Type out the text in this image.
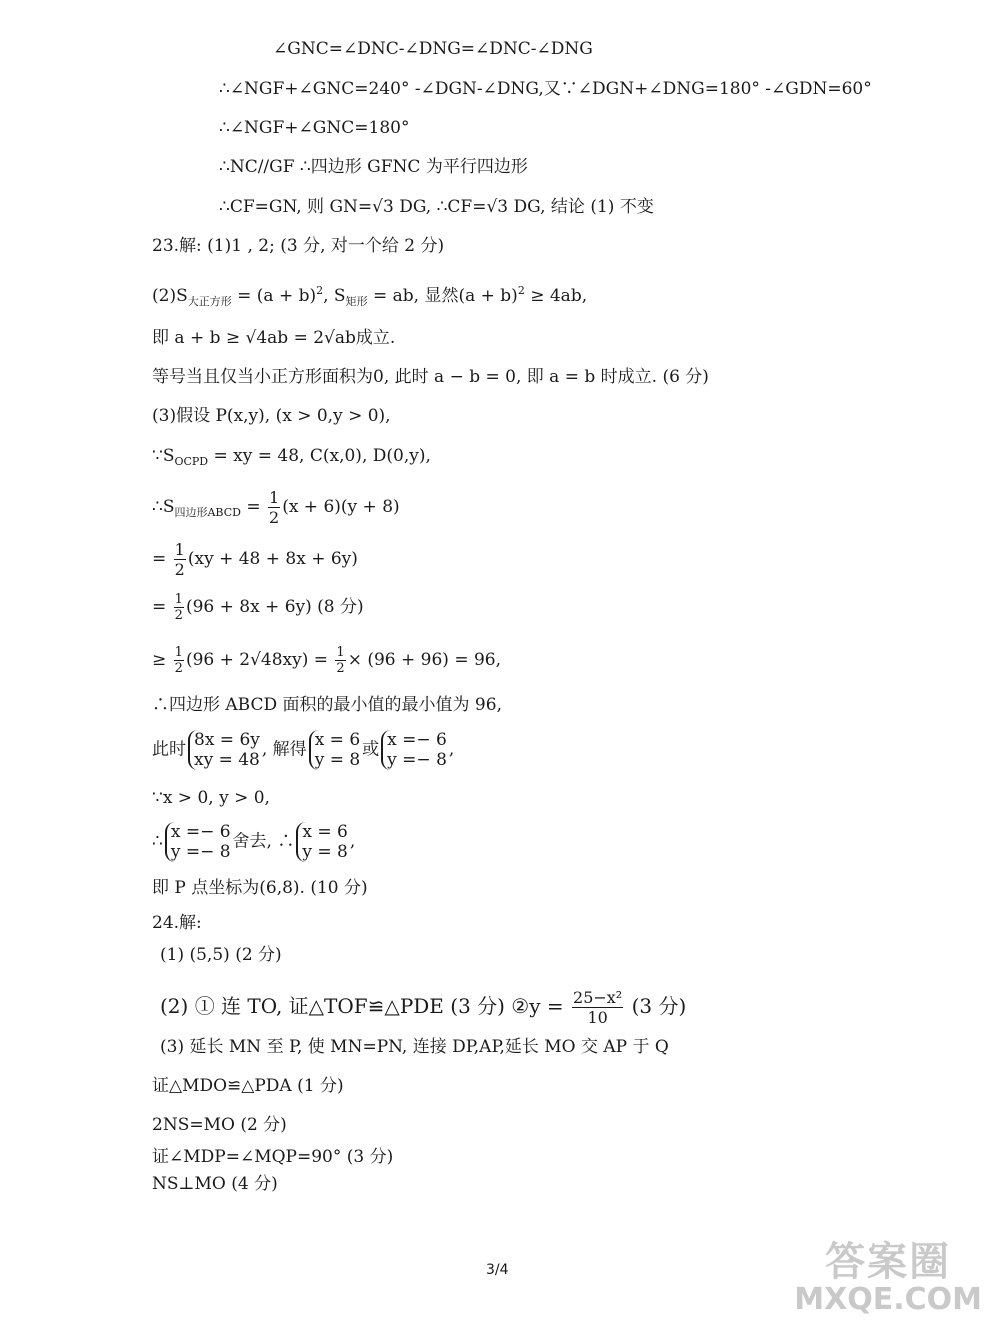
∠GNC=∠DNC-∠DNG=∠DNC-∠DNG
∴∠NGF+∠GNC=240° -∠DGN-∠DNG,又∵∠DGN+∠DNG=180° -∠GDN=60°
∴∠NGF+∠GNC=180°
∴NC//GF ∴四边形 GFNC 为平行四边形
∴CF=GN, 则 GN=√3 DG, ∴CF=√3 DG, 结论 (1) 不变
23.解: (1)1 , 2; (3 分, 对一个给 2 分)
$(2)S_{大正方形} = (a + b)^2$, $S_{矩形}$ = ab, 显然$(a + b)^2 \ge 4ab$,
即 a + b ≥ √4ab = 2√ab成立.
等号当且仅当小正方形面积为0, 此时 a − b = 0, 即 a = b 时成立. (6 分)
(3)假设 P(x,y), (x > 0,y > 0),
$\because S_{OCPD}$ = xy = 48, C(x,0), D(0,y),
$\therefore S_{四边形ABCD} = \frac{1}{2} (x + 6)(y + 8)$
= $\frac{1}{2} (xy + 48 + 8x + 6y)$
= $\frac{1}{2} (96 + 8x + 6y)$ (8 分)
≥ $\frac{1}{2} (96 + 2√48xy) = \frac{1}{2} \times (96 + 96) = 96$,
∴四边形 ABCD 面积的最小值的最小值为 96,
此时 8x = 6y
xy = 48
, 解得 x = 6
y = 8
或 x =− 6
y =− 8
,
∵x > 0, y > 0,
∴ x =− 6
y =− 8
舍去, ∴ x = 6
y = 8
,
即 P 点坐标为(6,8). (10 分)
24.解:
(1) (5,5) (2 分)
(2) ① 连 TO, 证△TOF≌△PDE (3 分) ②y = $\frac{\text{25−x²}}{10} (3$ 分)
(3) 延长 MN 至 P, 使 MN=PN, 连接 DP,AP,延长 MO 交 AP 于 Q
证△MDO≌△PDA (1 分)
2NS=MO (2 分)
证∠MDP=∠MQP=90° (3 分)
NS⊥MO (4 分)
3/4	答案圈
MXQE.COM
